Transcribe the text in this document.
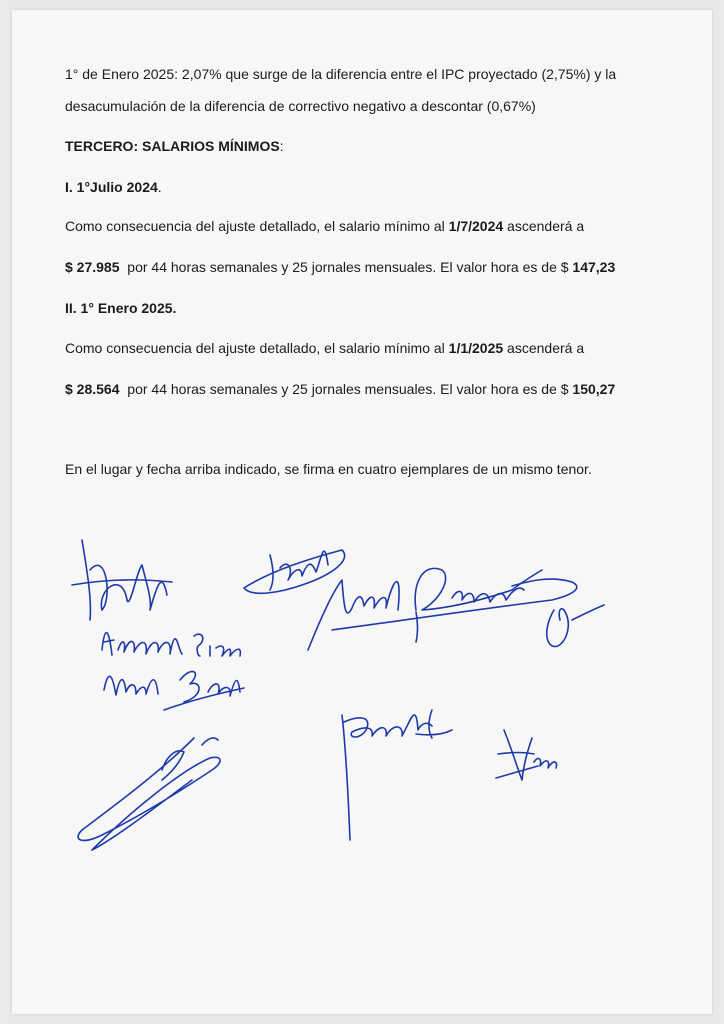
1° de Enero 2025: 2,07% que surge de la diferencia entre el IPC proyectado (2,75%) y la
desacumulación de la diferencia de correctivo negativo a descontar (0,67%)
TERCERO: SALARIOS MÍNIMOS:
I. 1°Julio 2024.
Como consecuencia del ajuste detallado, el salario mínimo al 1/7/2024 ascenderá a
$ 27.985  por 44 horas semanales y 25 jornales mensuales. El valor hora es de $ 147,23
II. 1° Enero 2025.
Como consecuencia del ajuste detallado, el salario mínimo al 1/1/2025 ascenderá a
$ 28.564  por 44 horas semanales y 25 jornales mensuales. El valor hora es de $ 150,27
En el lugar y fecha arriba indicado, se firma en cuatro ejemplares de un mismo tenor.
